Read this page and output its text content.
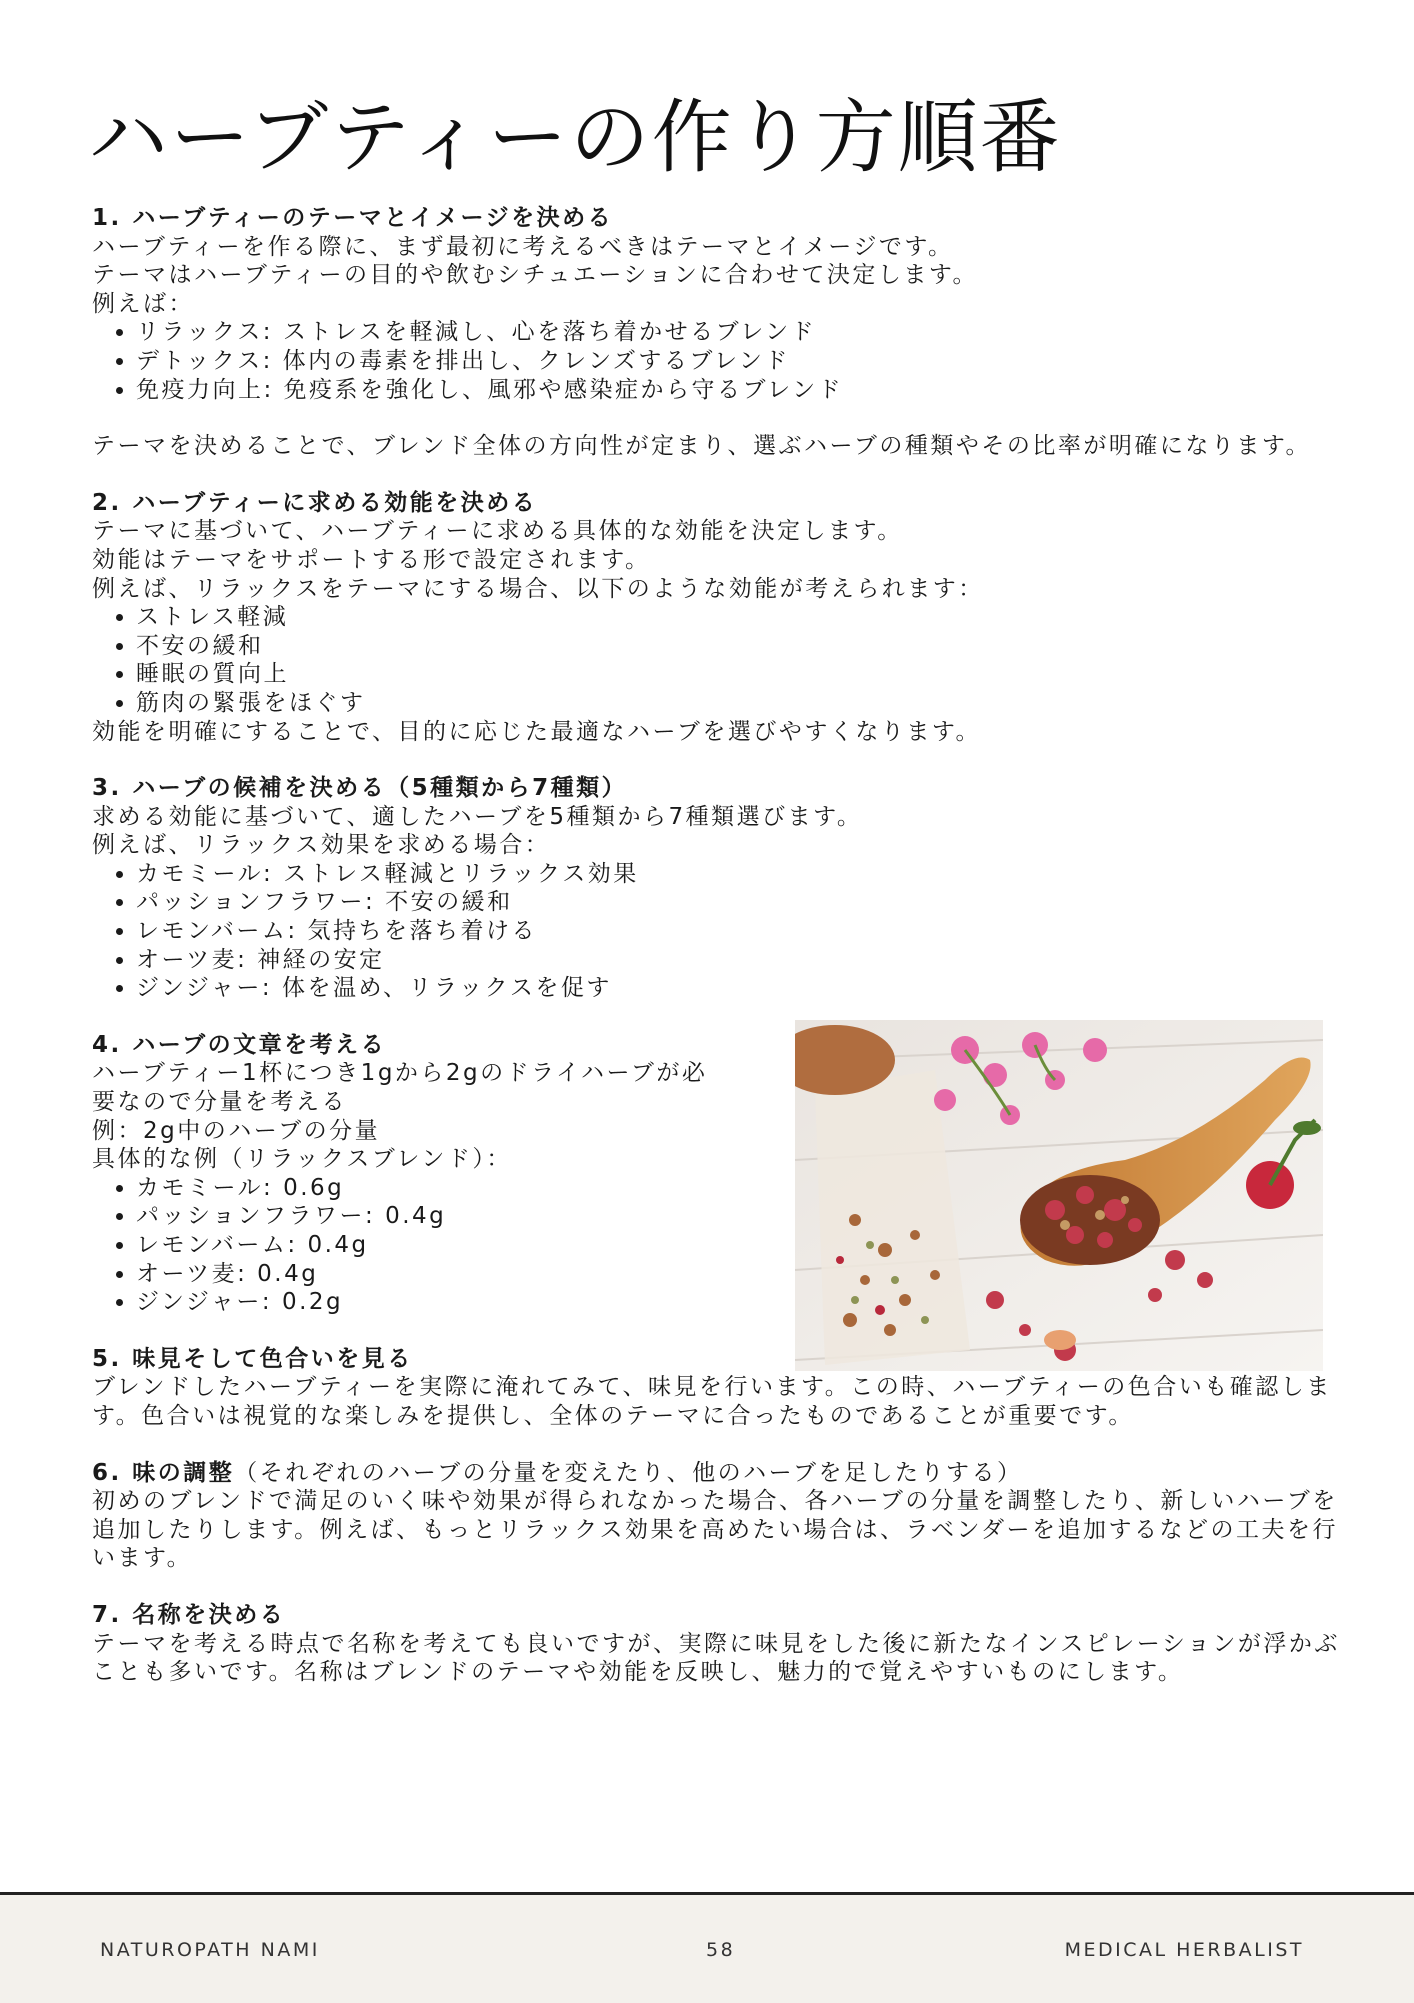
ハーブティーの作り方順番
1. ハーブティーのテーマとイメージを決める

ハーブティーを作る際に、まず最初に考えるべきはテーマとイメージです。

テーマはハーブティーの目的や飲むシチュエーションに合わせて決定します。

例えば：

• リラックス: ストレスを軽減し、心を落ち着かせるブレンド
• デトックス: 体内の毒素を排出し、クレンズするブレンド
• 免疫力向上: 免疫系を強化し、風邪や感染症から守るブレンド

テーマを決めることで、ブレンド全体の方向性が定まり、選ぶハーブの種類やその比率が明確になります。

2. ハーブティーに求める効能を決める

テーマに基づいて、ハーブティーに求める具体的な効能を決定します。

効能はテーマをサポートする形で設定されます。

例えば、リラックスをテーマにする場合、以下のような効能が考えられます：

• ストレス軽減
• 不安の緩和
• 睡眠の質向上
• 筋肉の緊張をほぐす

効能を明確にすることで、目的に応じた最適なハーブを選びやすくなります。

3. ハーブの候補を決める（5種類から7種類）

求める効能に基づいて、適したハーブを5種類から7種類選びます。

例えば、リラックス効果を求める場合：

• カモミール: ストレス軽減とリラックス効果
• パッションフラワー: 不安の緩和
• レモンバーム: 気持ちを落ち着ける
• オーツ麦: 神経の安定
• ジンジャー: 体を温め、リラックスを促す
4. ハーブの文章を考える

ハーブティー1杯につき1gから2gのドライハーブが必要なので分量を考える

例：2g中のハーブの分量

具体的な例（リラックスブレンド）：

• カモミール: 0.6g
• パッションフラワー: 0.4g
• レモンバーム: 0.4g
• オーツ麦: 0.4g
• ジンジャー: 0.2g
5. 味見そして色合いを見る

ブレンドしたハーブティーを実際に淹れてみて、味見を行います。この時、ハーブティーの色合いも確認します。色合いは視覚的な楽しみを提供し、全体のテーマに合ったものであることが重要です。

6. 味の調整（それぞれのハーブの分量を変えたり、他のハーブを足したりする）

初めのブレンドで満足のいく味や効果が得られなかった場合、各ハーブの分量を調整したり、新しいハーブを追加したりします。例えば、もっとリラックス効果を高めたい場合は、ラベンダーを追加するなどの工夫を行います。

7. 名称を決める

テーマを考える時点で名称を考えても良いですが、実際に味見をした後に新たなインスピレーションが浮かぶことも多いです。名称はブレンドのテーマや効能を反映し、魅力的で覚えやすいものにします。

NATUROPATH NAMI	58	MEDICAL HERBALIST
